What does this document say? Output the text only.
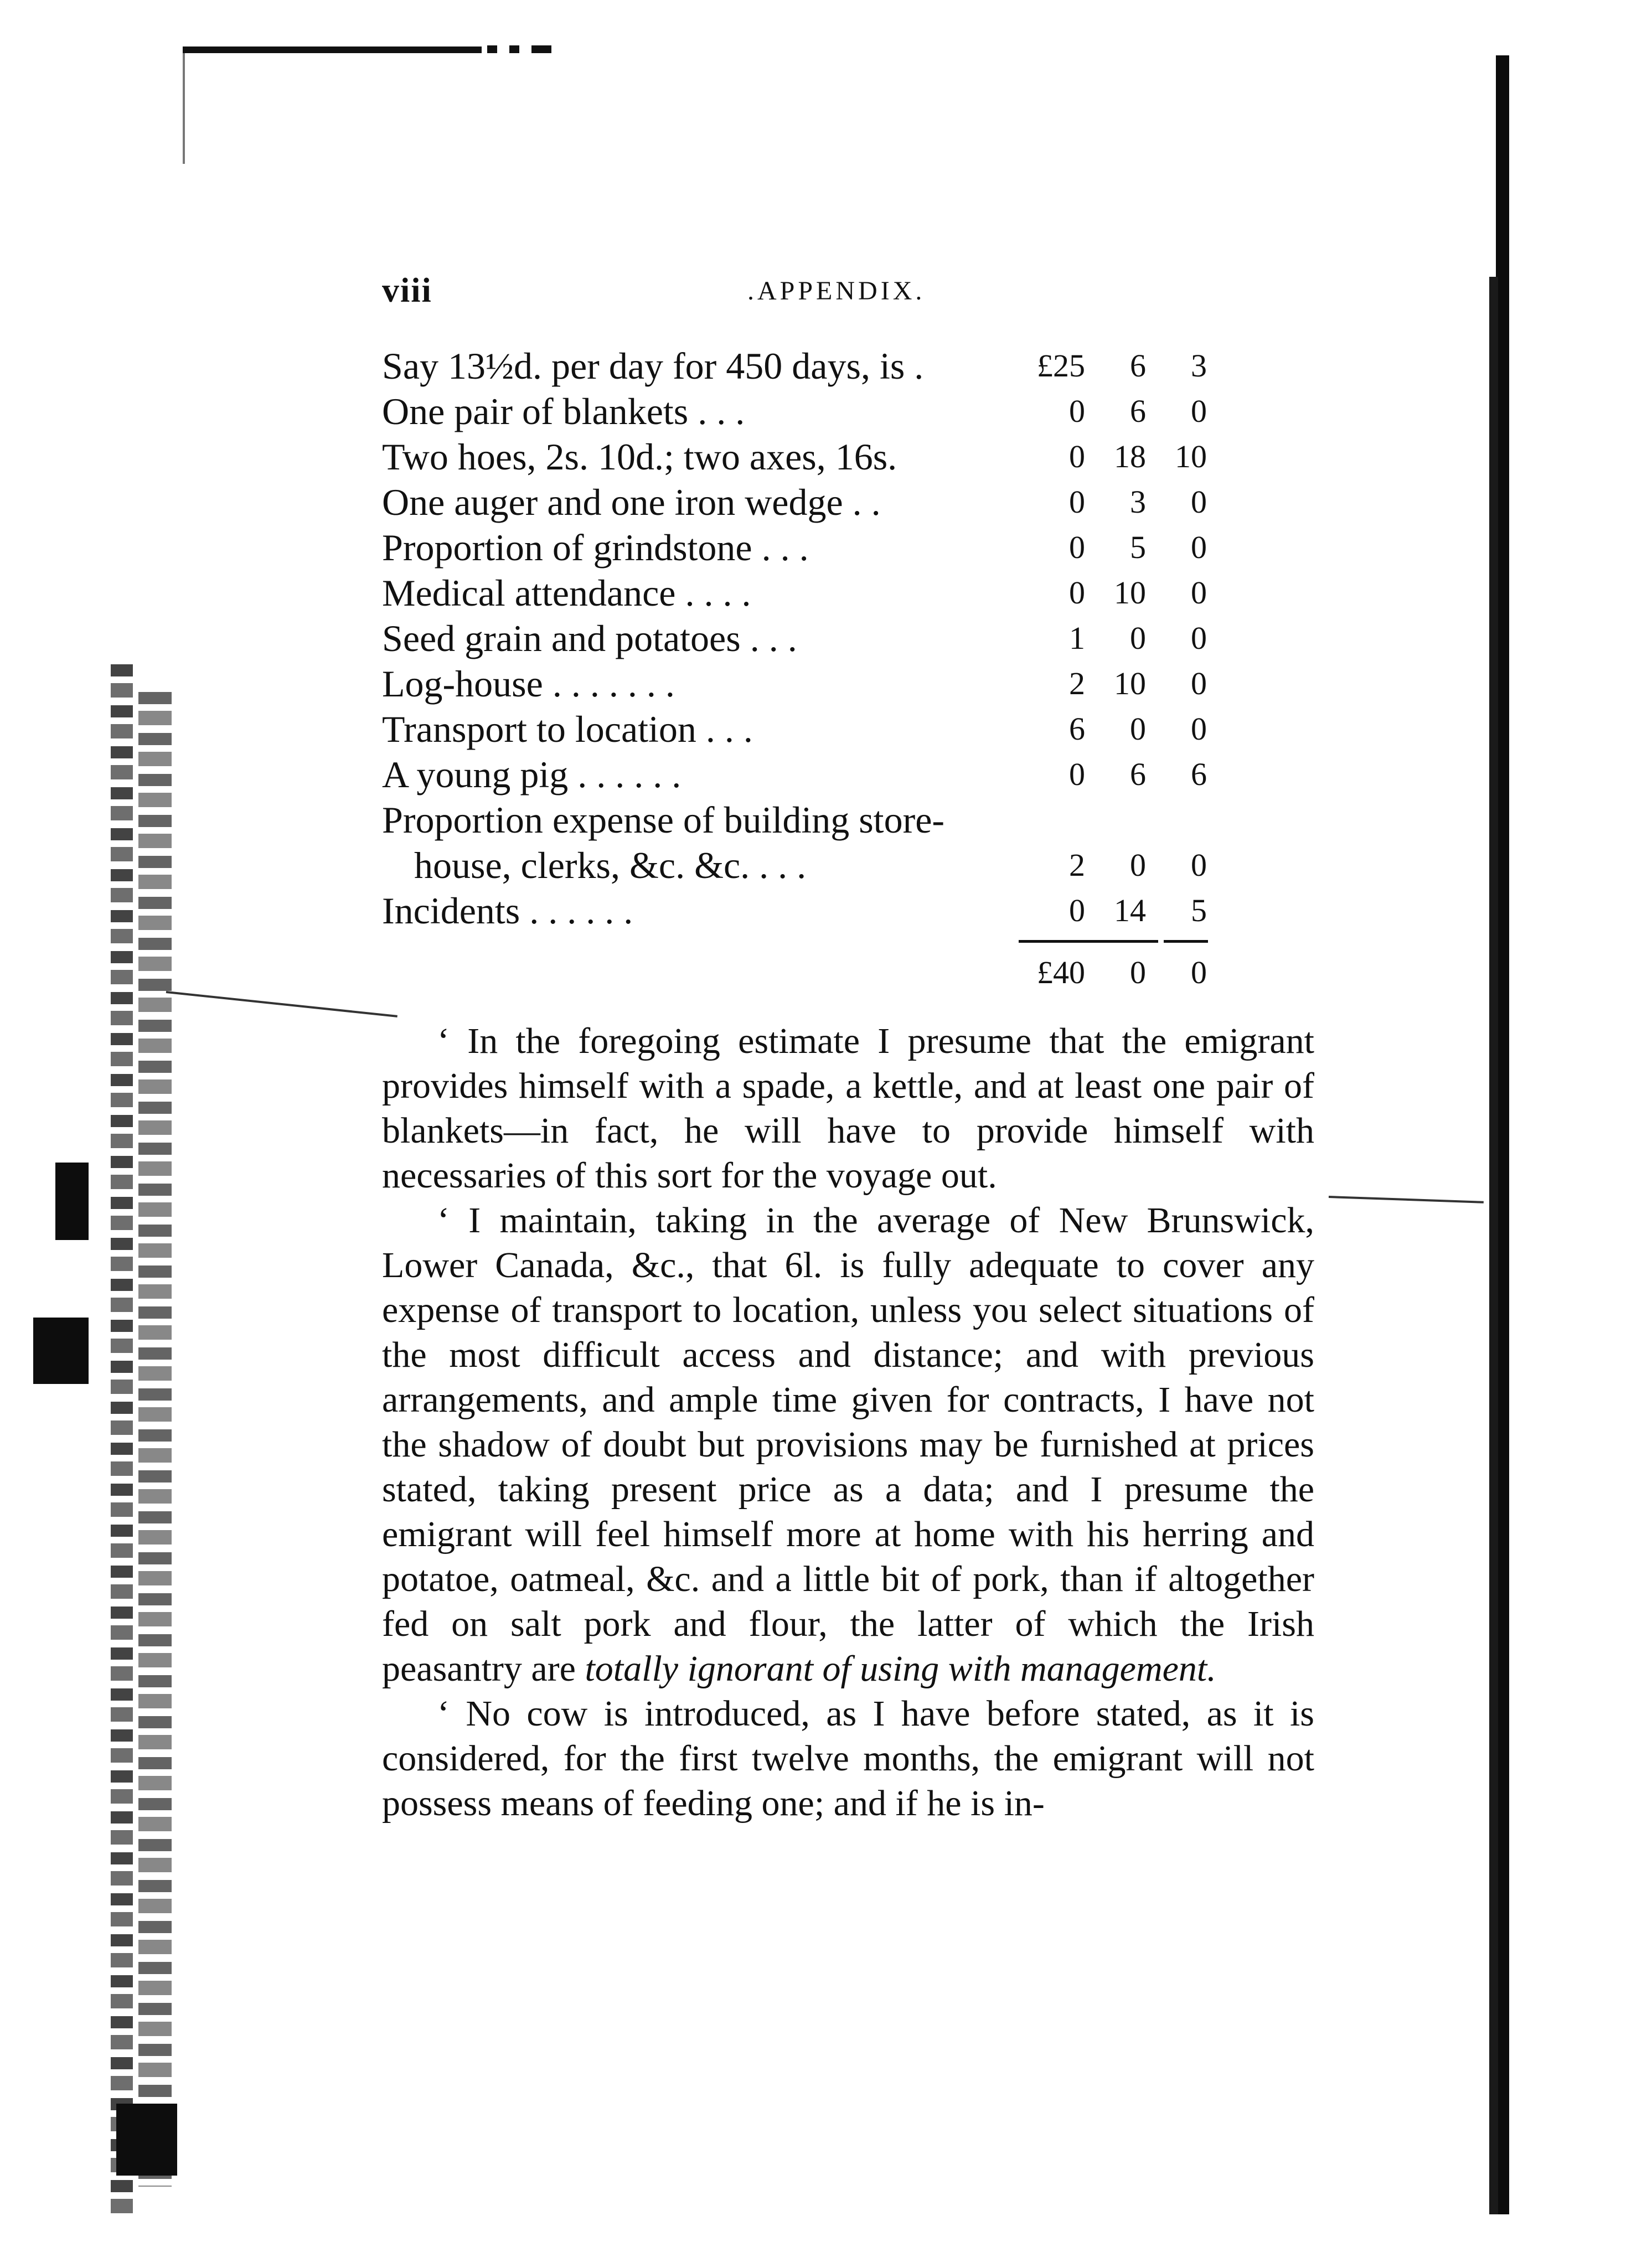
viii	.APPENDIX.
Say 13½d. per day for 450 days, is .	£25	6	3
One pair of blankets . . .	0	6	0
Two hoes, 2s. 10d.; two axes, 16s.	0 18 10
One auger and one iron wedge . .	0	3	0
Proportion of grindstone . . .	0	5	0
Medical attendance . . . .	0 10	0
Seed grain and potatoes . . .	1	0	0
Log-house . . . . . . .	2 10	0
Transport to location . . .	6	0	0
A young pig . . . . . .	0	6	6
Proportion expense of building store-
house, clerks, &c. &c. . . .	2	0	0
Incidents . . . . . .	0 14	5
£40	0	0

‘ In the foregoing estimate I presume that the emigrant provides himself with a spade, a kettle, and at least one pair of blankets—in fact, he will have to provide himself with necessaries of this sort for the voyage out.

‘ I maintain, taking in the average of New Brunswick, Lower Canada, &c., that 6l. is fully adequate to cover any expense of transport to location, unless you select situations of the most difficult access and distance; and with previous arrangements, and ample time given for contracts, I have not the shadow of doubt but provisions may be furnished at prices stated, taking present price as a data; and I presume the emigrant will feel himself more at home with his herring and potatoe, oatmeal, &c. and a little bit of pork, than if altogether fed on salt pork and flour, the latter of which the Irish peasantry are totally ignorant of using with management.

‘ No cow is introduced, as I have before stated, as it is considered, for the first twelve months, the emigrant will not possess means of feeding one; and if he is in-
